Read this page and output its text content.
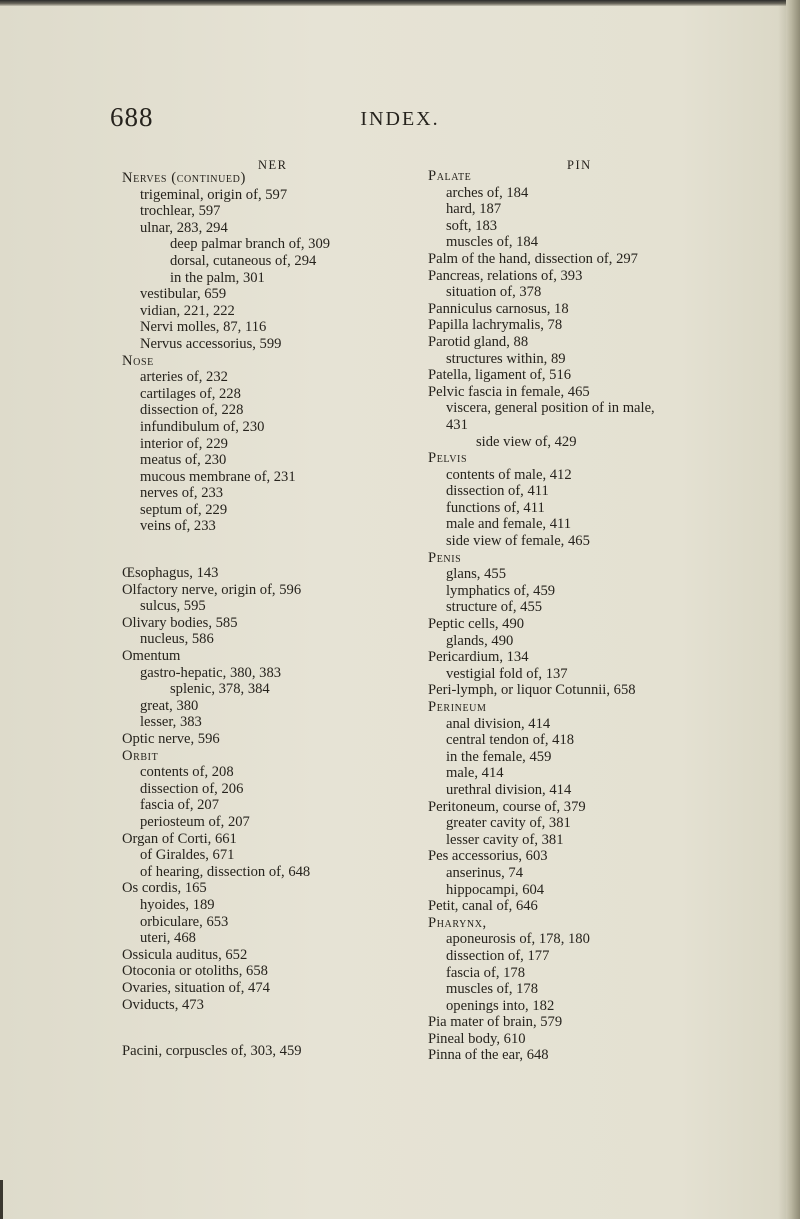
688	INDEX.
NER	PIN
Nerves (continued)
trigeminal, origin of, 597
trochlear, 597
ulnar, 283, 294
deep palmar branch of, 309
dorsal, cutaneous of, 294
in the palm, 301
vestibular, 659
vidian, 221, 222
Nervi molles, 87, 116
Nervus accessorius, 599
Nose
arteries of, 232
cartilages of, 228
dissection of, 228
infundibulum of, 230
interior of, 229
meatus of, 230
mucous membrane of, 231
nerves of, 233
septum of, 229
veins of, 233
Œsophagus, 143
Olfactory nerve, origin of, 596
sulcus, 595
Olivary bodies, 585
nucleus, 586
Omentum
gastro-hepatic, 380, 383
splenic, 378, 384
great, 380
lesser, 383
Optic nerve, 596
Orbit
contents of, 208
dissection of, 206
fascia of, 207
periosteum of, 207
Organ of Corti, 661
of Giraldes, 671
of hearing, dissection of, 648
Os cordis, 165
hyoides, 189
orbiculare, 653
uteri, 468
Ossicula auditus, 652
Otoconia or otoliths, 658
Ovaries, situation of, 474
Oviducts, 473
Pacini, corpuscles of, 303, 459
Palate
arches of, 184
hard, 187
soft, 183
muscles of, 184
Palm of the hand, dissection of, 297
Pancreas, relations of, 393
situation of, 378
Panniculus carnosus, 18
Papilla lachrymalis, 78
Parotid gland, 88
structures within, 89
Patella, ligament of, 516
Pelvic fascia in female, 465
viscera, general position of in male,
431
side view of, 429
Pelvis
contents of male, 412
dissection of, 411
functions of, 411
male and female, 411
side view of female, 465
Penis
glans, 455
lymphatics of, 459
structure of, 455
Peptic cells, 490
glands, 490
Pericardium, 134
vestigial fold of, 137
Peri-lymph, or liquor Cotunnii, 658
Perineum
anal division, 414
central tendon of, 418
in the female, 459
male, 414
urethral division, 414
Peritoneum, course of, 379
greater cavity of, 381
lesser cavity of, 381
Pes accessorius, 603
anserinus, 74
hippocampi, 604
Petit, canal of, 646
Pharynx,
aponeurosis of, 178, 180
dissection of, 177
fascia of, 178
muscles of, 178
openings into, 182
Pia mater of brain, 579
Pineal body, 610
Pinna of the ear, 648
